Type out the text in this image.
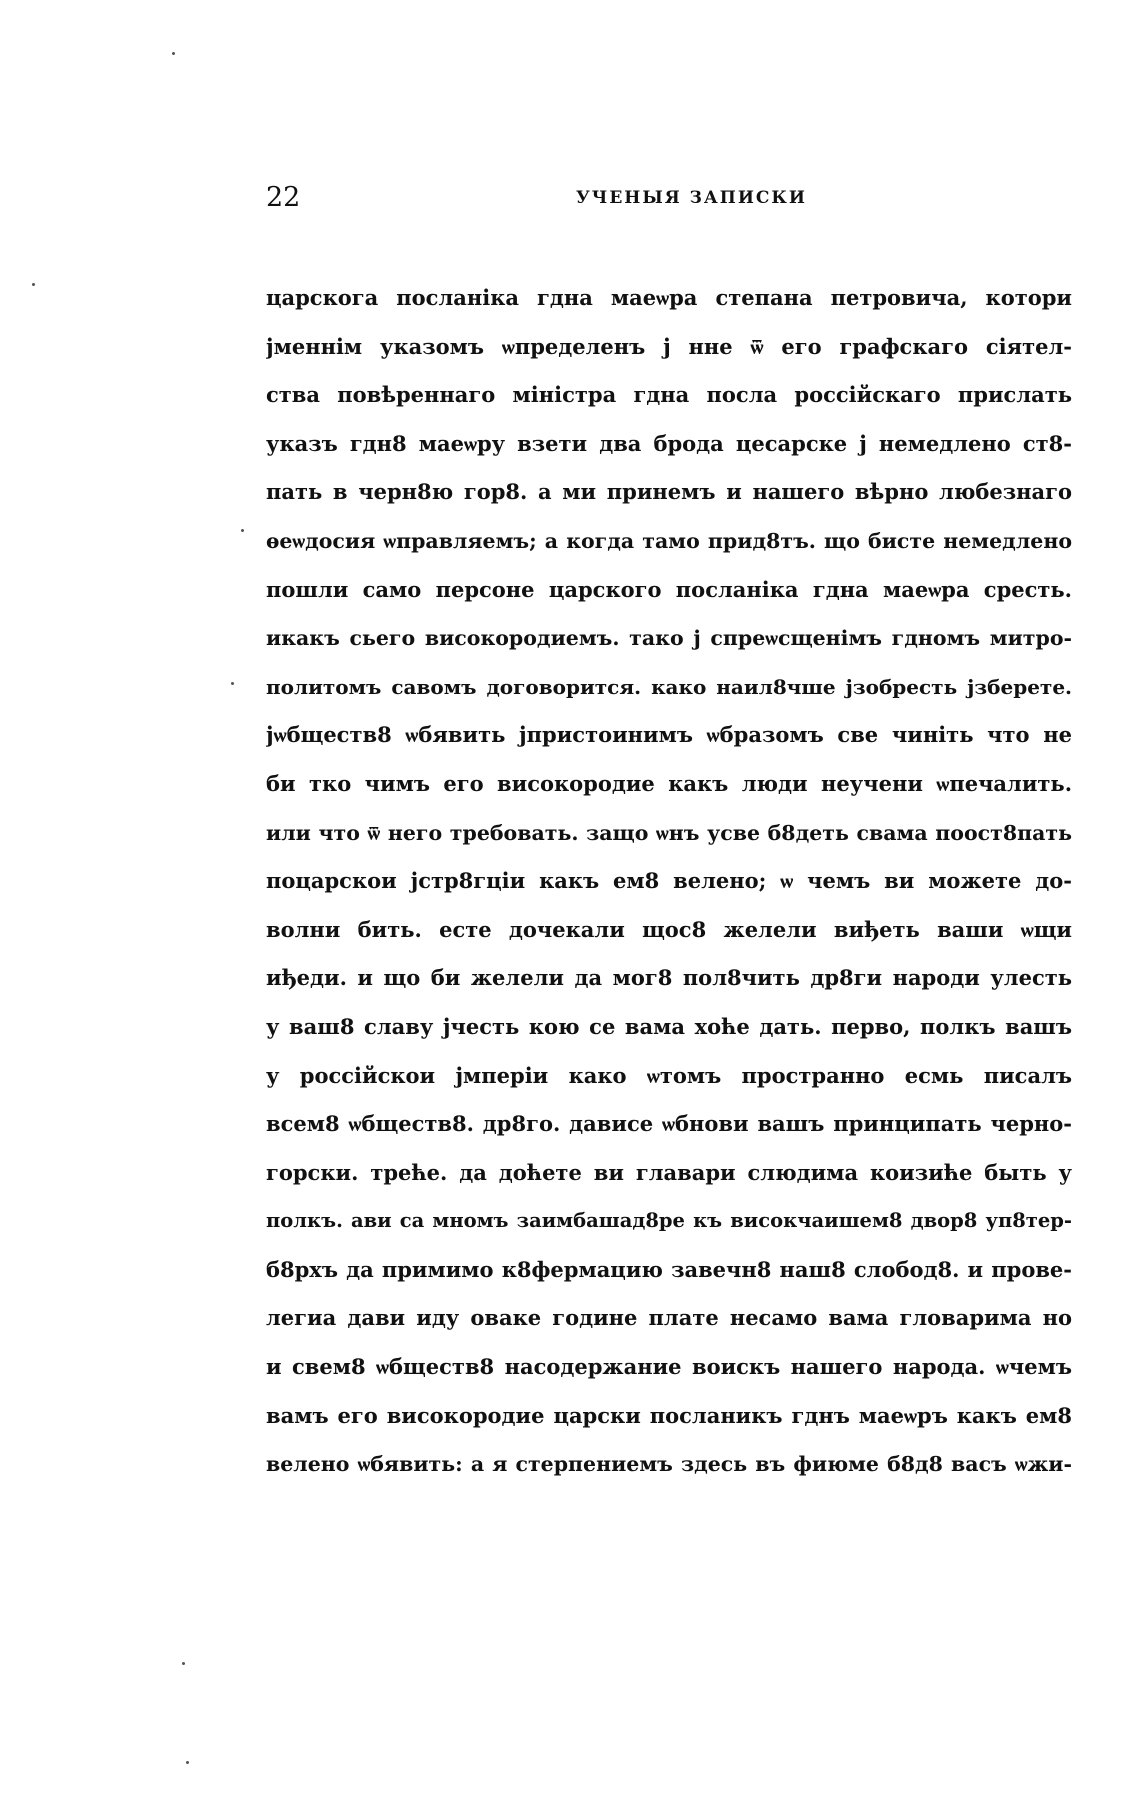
22	УЧЕНЫЯ ЗАПИСКИ
царскога посланіка гдна маеѡра степана петровича, котори
јменнім указомъ ѡпределенъ ј нне ѿ его графскаго сіятел-
ства повѣреннаго міністра гдна посла россійскаго прислать
указъ гдн8 маеѡру взети два брода цесарске ј немедлено ст8-
пать в черн8ю гор8. а ми принемъ и нашего вѣрно любезнаго
ѳеѡдосия ѡправляемъ; а когда тамо прид8тъ. що бисте немедлено
пошли само персоне царского посланіка гдна маеѡра сресть.
икакъ сьего високородиемъ. тако ј спреѡсщенімъ гдномъ митро-
политомъ савомъ договорится. како наил8чше јзобресть јзберете.
јѡбществ8 ѡбявить јпристоинимъ ѡбразомъ све чиніть что не
би тко чимъ его високородие какъ люди неучени ѡпечалить.
или что ѿ него требовать. защо ѡнъ усве б8деть свама поост8пать
поцарскои јстр8гціи какъ ем8 велено; ѡ чемъ ви можете до-
волни бить. есте дочекали щос8 желели виђеть ваши ѡщи
иђеди. и що би желели да мог8 пол8чить др8ги народи улесть
у ваш8 славу јчесть кою се вама хоће дать. перво, полкъ вашъ
у россійскои јмперіи како ѡтомъ пространно есмь писалъ
всем8 ѡбществ8. др8го. дависе ѡбнови вашъ принципать черно-
горски. треће. да доћете ви главари слюдима коизиће быть у
полкъ. ави са мномъ заимбашад8ре къ високчаишем8 двор8 уп8тер-
б8рхъ да примимо к8фермацию завечн8 наш8 слобод8. и прове-
легиа дави иду оваке године плате несамо вама гловарима но
и свем8 ѡбществ8 насодержание воискъ нашего народа. ѡчемъ
вамъ его високородие царски посланикъ гднъ маеѡръ какъ ем8
велено ѡбявить: а я стерпениемъ здесь въ фиюме б8д8 васъ ѡжи-
